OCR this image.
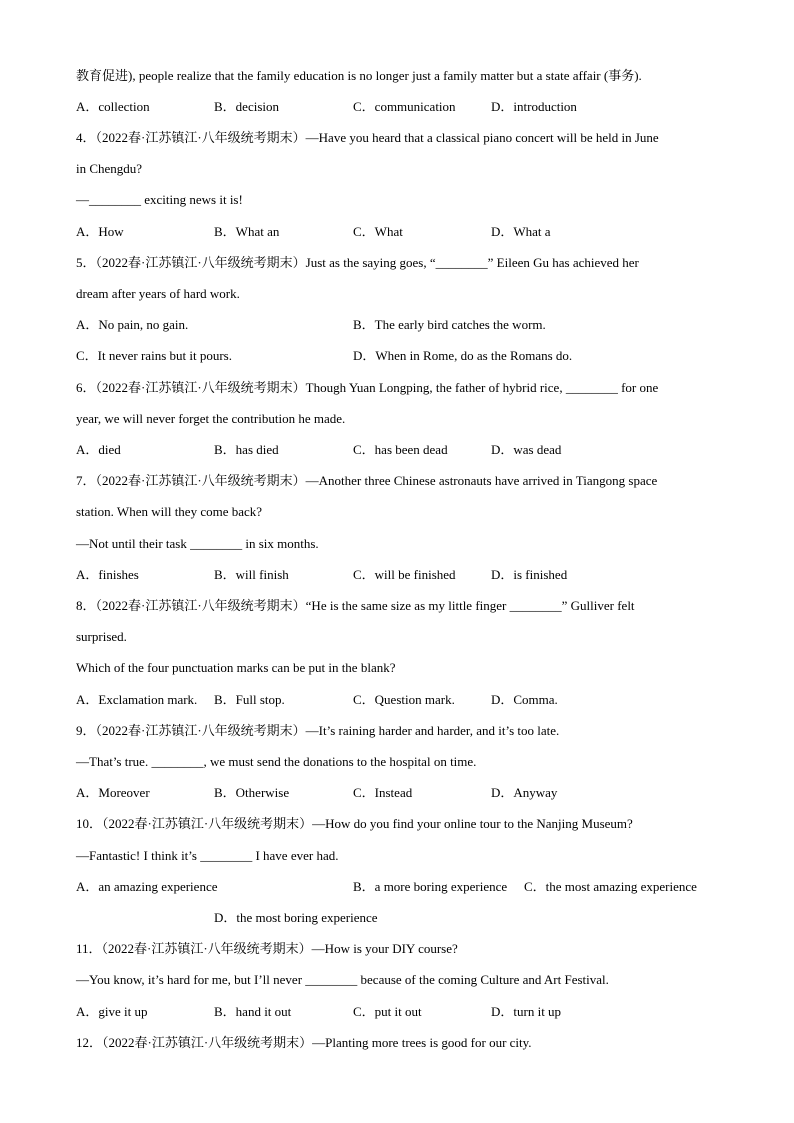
教育促进), people realize that the family education is no longer just a family matter but a state affair (事务).
A．collection	B．decision	C．communication	D．introduction
4．（2022春·江苏镇江·八年级统考期末）—Have you heard that a classical piano concert will be held in June
in Chengdu?
—________ exciting news it is!
A．How	B．What an	C．What	D．What a
5．（2022春·江苏镇江·八年级统考期末）Just as the saying goes, “________” Eileen Gu has achieved her
dream after years of hard work.
A．No pain, no gain.	B．The early bird catches the worm.
C．It never rains but it pours.	D．When in Rome, do as the Romans do.
6．（2022春·江苏镇江·八年级统考期末）Though Yuan Longping, the father of hybrid rice, ________ for one
year, we will never forget the contribution he made.
A．died	B．has died	C．has been dead	D．was dead
7．（2022春·江苏镇江·八年级统考期末）—Another three Chinese astronauts have arrived in Tiangong space
station. When will they come back?
—Not until their task ________ in six months.
A．finishes	B．will finish	C．will be finished	D．is finished
8．（2022春·江苏镇江·八年级统考期末）“He is the same size as my little finger ________” Gulliver felt
surprised.
Which of the four punctuation marks can be put in the blank?
A．Exclamation mark. B．Full stop.	C．Question mark.	D．Comma.
9．（2022春·江苏镇江·八年级统考期末）—It’s raining harder and harder, and it’s too late.
—That’s true. ________, we must send the donations to the hospital on time.
A．Moreover	B．Otherwise	C．Instead	D．Anyway
10．（2022春·江苏镇江·八年级统考期末）—How do you find your online tour to the Nanjing Museum?
—Fantastic! I think it’s ________ I have ever had.
A．an amazing experience	B．a more boring experience C．the most amazing experience
D．the most boring experience
11．（2022春·江苏镇江·八年级统考期末）—How is your DIY course?
—You know, it’s hard for me, but I’ll never ________ because of the coming Culture and Art Festival.
A．give it up	B．hand it out	C．put it out	D．turn it up
12．（2022春·江苏镇江·八年级统考期末）—Planting more trees is good for our city.
